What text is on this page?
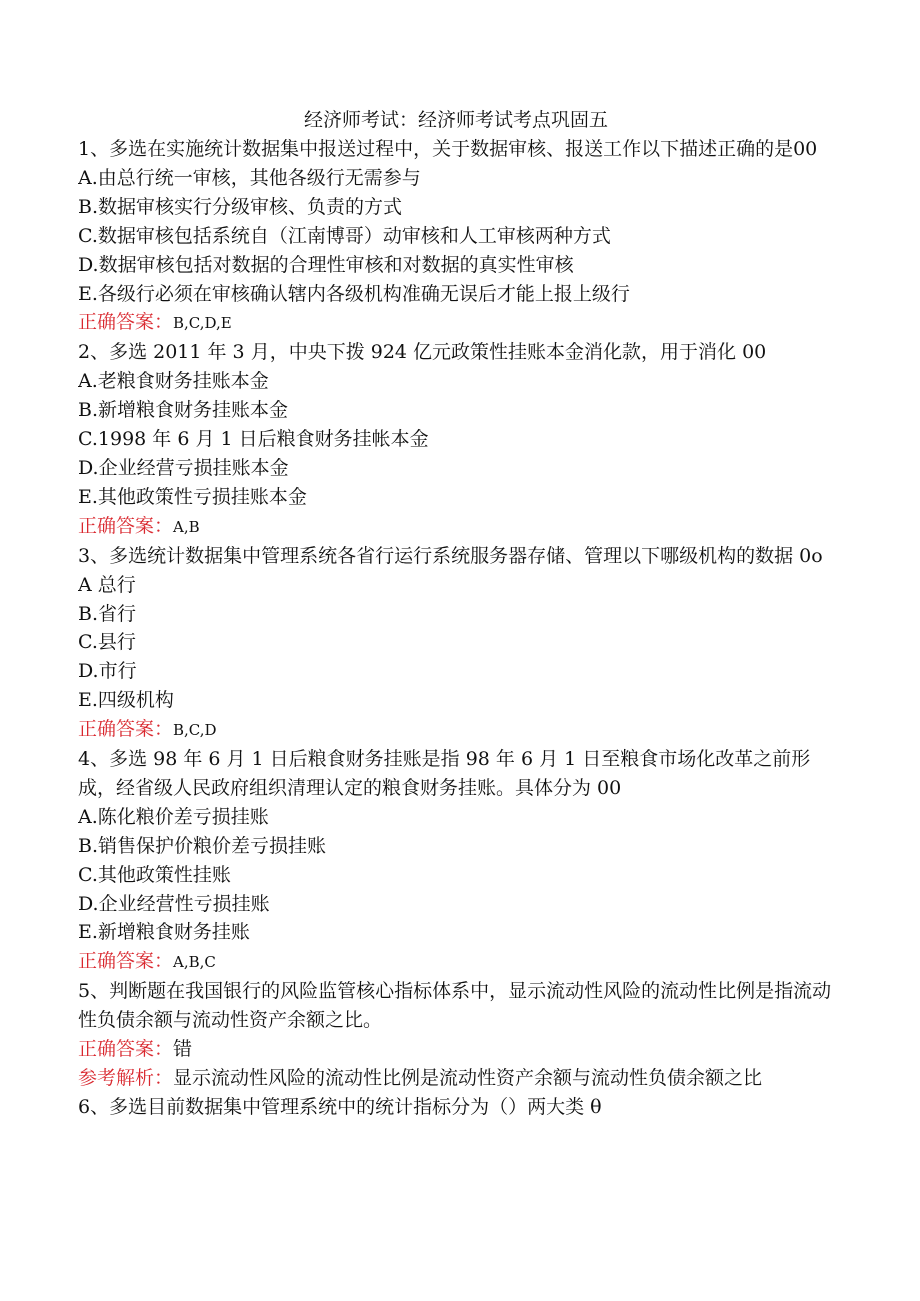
经济师考试：经济师考试考点巩固五

1、多选在实施统计数据集中报送过程中，关于数据审核、报送工作以下描述正确的是00

A.由总行统一审核，其他各级行无需参与

B.数据审核实行分级审核、负责的方式

C.数据审核包括系统自（江南博哥）动审核和人工审核两种方式

D.数据审核包括对数据的合理性审核和对数据的真实性审核

E.各级行必须在审核确认辖内各级机构准确无误后才能上报上级行

正确答案：B,C,D,E

2、多选 2011 年 3 月，中央下拨 924 亿元政策性挂账本金消化款，用于消化 00

A.老粮食财务挂账本金

B.新增粮食财务挂账本金

C.1998 年 6 月 1 日后粮食财务挂帐本金

D.企业经营亏损挂账本金

E.其他政策性亏损挂账本金

正确答案：A,B

3、多选统计数据集中管理系统各省行运行系统服务器存储、管理以下哪级机构的数据 0o

A 总行

B.省行

C.县行

D.市行

E.四级机构

正确答案：B,C,D

4、多选 98 年 6 月 1 日后粮食财务挂账是指 98 年 6 月 1 日至粮食市场化改革之前形成，经省级人民政府组织清理认定的粮食财务挂账。具体分为 00

A.陈化粮价差亏损挂账

B.销售保护价粮价差亏损挂账

C.其他政策性挂账

D.企业经营性亏损挂账

E.新增粮食财务挂账

正确答案：A,B,C

5、判断题在我国银行的风险监管核心指标体系中，显示流动性风险的流动性比例是指流动性负债余额与流动性资产余额之比。

正确答案：错

参考解析：显示流动性风险的流动性比例是流动性资产余额与流动性负债余额之比

6、多选目前数据集中管理系统中的统计指标分为（）两大类 θ
